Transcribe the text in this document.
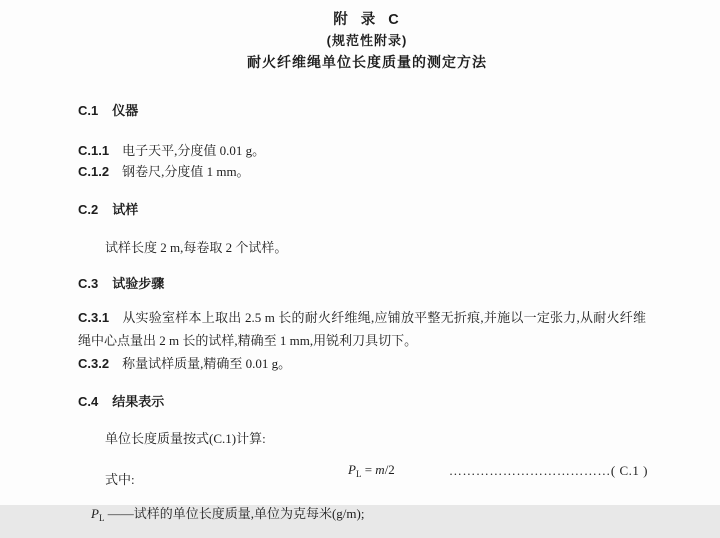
附 录 C
(规范性附录)
耐火纤维绳单位长度质量的测定方法
C.1 仪器
C.1.1 电子天平,分度值 0.01 g。
C.1.2 钢卷尺,分度值 1 mm。
C.2 试样
试样长度 2 m,每卷取 2 个试样。
C.3 试验步骤
C.3.1 从实验室样本上取出 2.5 m 长的耐火纤维绳,应铺放平整无折痕,并施以一定张力,从耐火纤维绳中心点量出 2 m 长的试样,精确至 1 mm,用锐利刀具切下。
C.3.2 称量试样质量,精确至 0.01 g。
C.4 结果表示
单位长度质量按式(C.1)计算:

$P_L = m/2$
	………………………………( C.1 )

式中:

$P_L$ ——试样的单位长度质量,单位为克每米(g/m);
